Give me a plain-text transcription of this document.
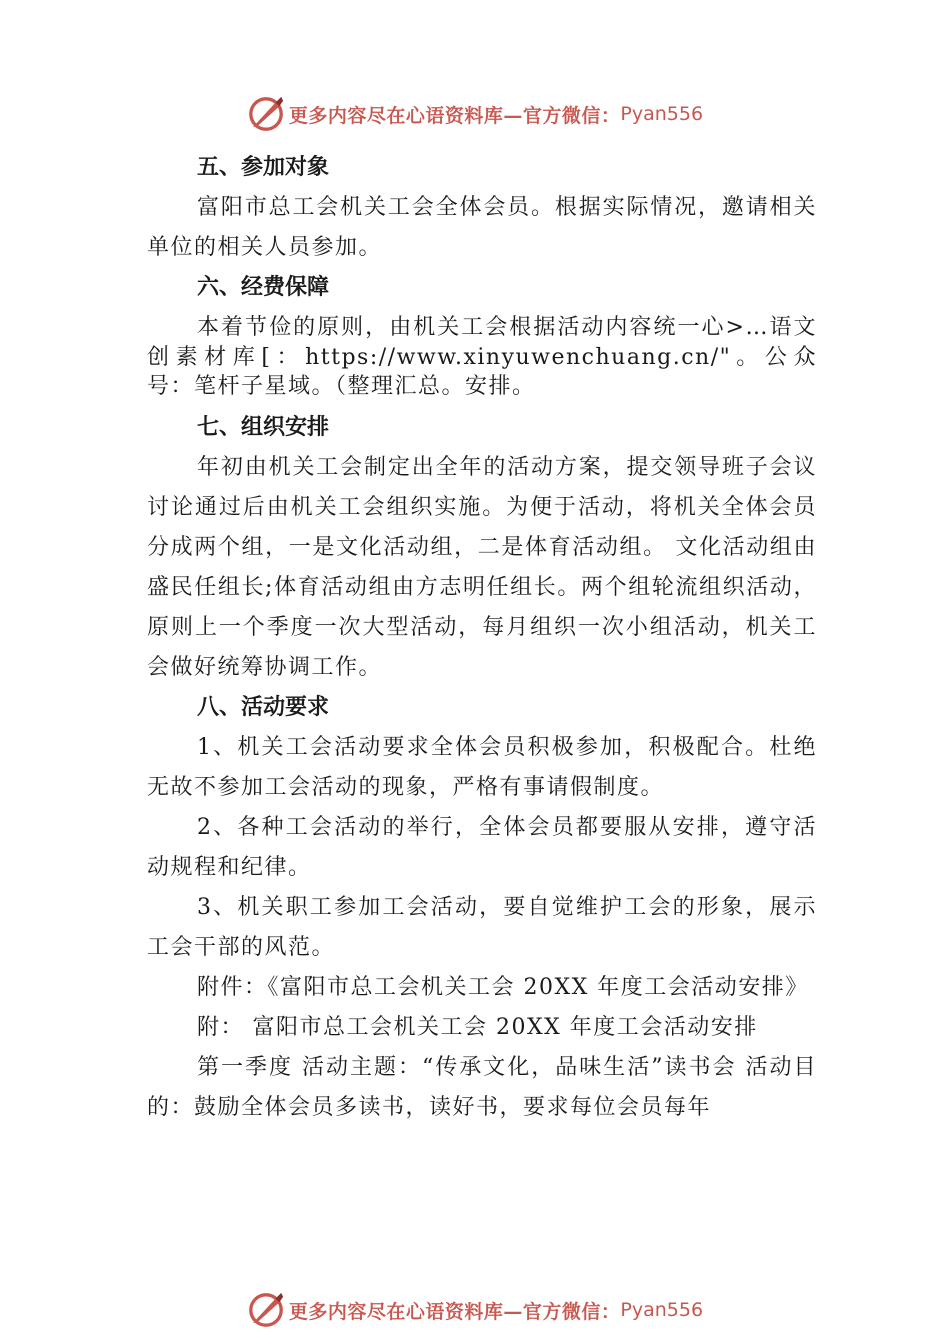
更多内容尽在心语资料库—官方微信： Pyan556

五、参加对象

富阳市总工会机关工会全体会员。根据实际情况，邀请相关单位的相关人员参加。

六、经费保障

本着节俭的原则，由机关工会根据活动内容统一心>…语文创素材库[：https://www.xinyuwenchuang.cn/"。公众号：笔杆子星域。（整理汇总。安排。

七、组织安排

年初由机关工会制定出全年的活动方案，提交领导班子会议讨论通过后由机关工会组织实施。为便于活动，将机关全体会员分成两个组，一是文化活动组，二是体育活动组。 文化活动组由盛民任组长;体育活动组由方志明任组长。两个组轮流组织活动，原则上一个季度一次大型活动，每月组织一次小组活动，机关工会做好统筹协调工作。

八、活动要求

1、机关工会活动要求全体会员积极参加，积极配合。杜绝无故不参加工会活动的现象，严格有事请假制度。

2、各种工会活动的举行，全体会员都要服从安排，遵守活动规程和纪律。

3、机关职工参加工会活动，要自觉维护工会的形象，展示工会干部的风范。

附件：《富阳市总工会机关工会 20XX 年度工会活动安排》

附： 富阳市总工会机关工会 20XX 年度工会活动安排

第一季度 活动主题：“传承文化，品味生活”读书会 活动目的：鼓励全体会员多读书，读好书，要求每位会员每年

更多内容尽在心语资料库—官方微信： Pyan556
